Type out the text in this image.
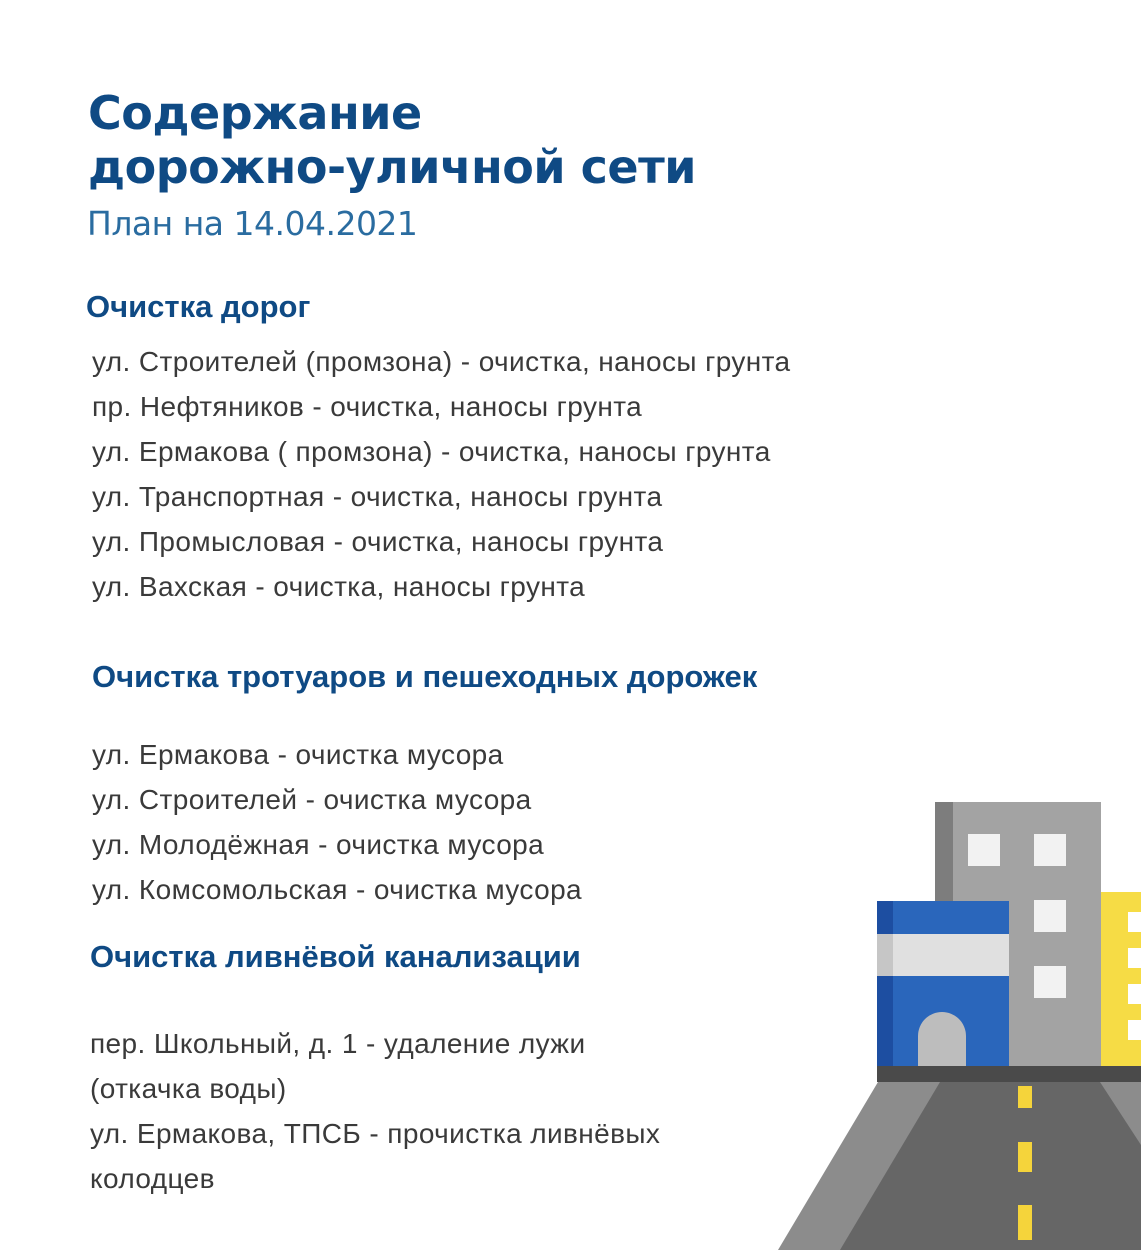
Содержание
дорожно-уличной сети
План на 14.04.2021
Очистка дорог
ул. Строителей (промзона) - очистка, наносы грунта
пр. Нефтяников - очистка, наносы грунта
ул. Ермакова ( промзона) - очистка, наносы грунта
ул. Транспортная - очистка, наносы грунта
ул. Промысловая - очистка, наносы грунта
ул. Вахская - очистка, наносы грунта
Очистка тротуаров и пешеходных дорожек
ул. Ермакова - очистка мусора
ул. Строителей - очистка мусора
ул. Молодёжная - очистка мусора
ул. Комсомольская - очистка мусора
Очистка ливнёвой канализации
пер. Школьный, д. 1 - удаление лужи
(откачка воды)
ул. Ермакова, ТПСБ - прочистка ливнёвых
колодцев
